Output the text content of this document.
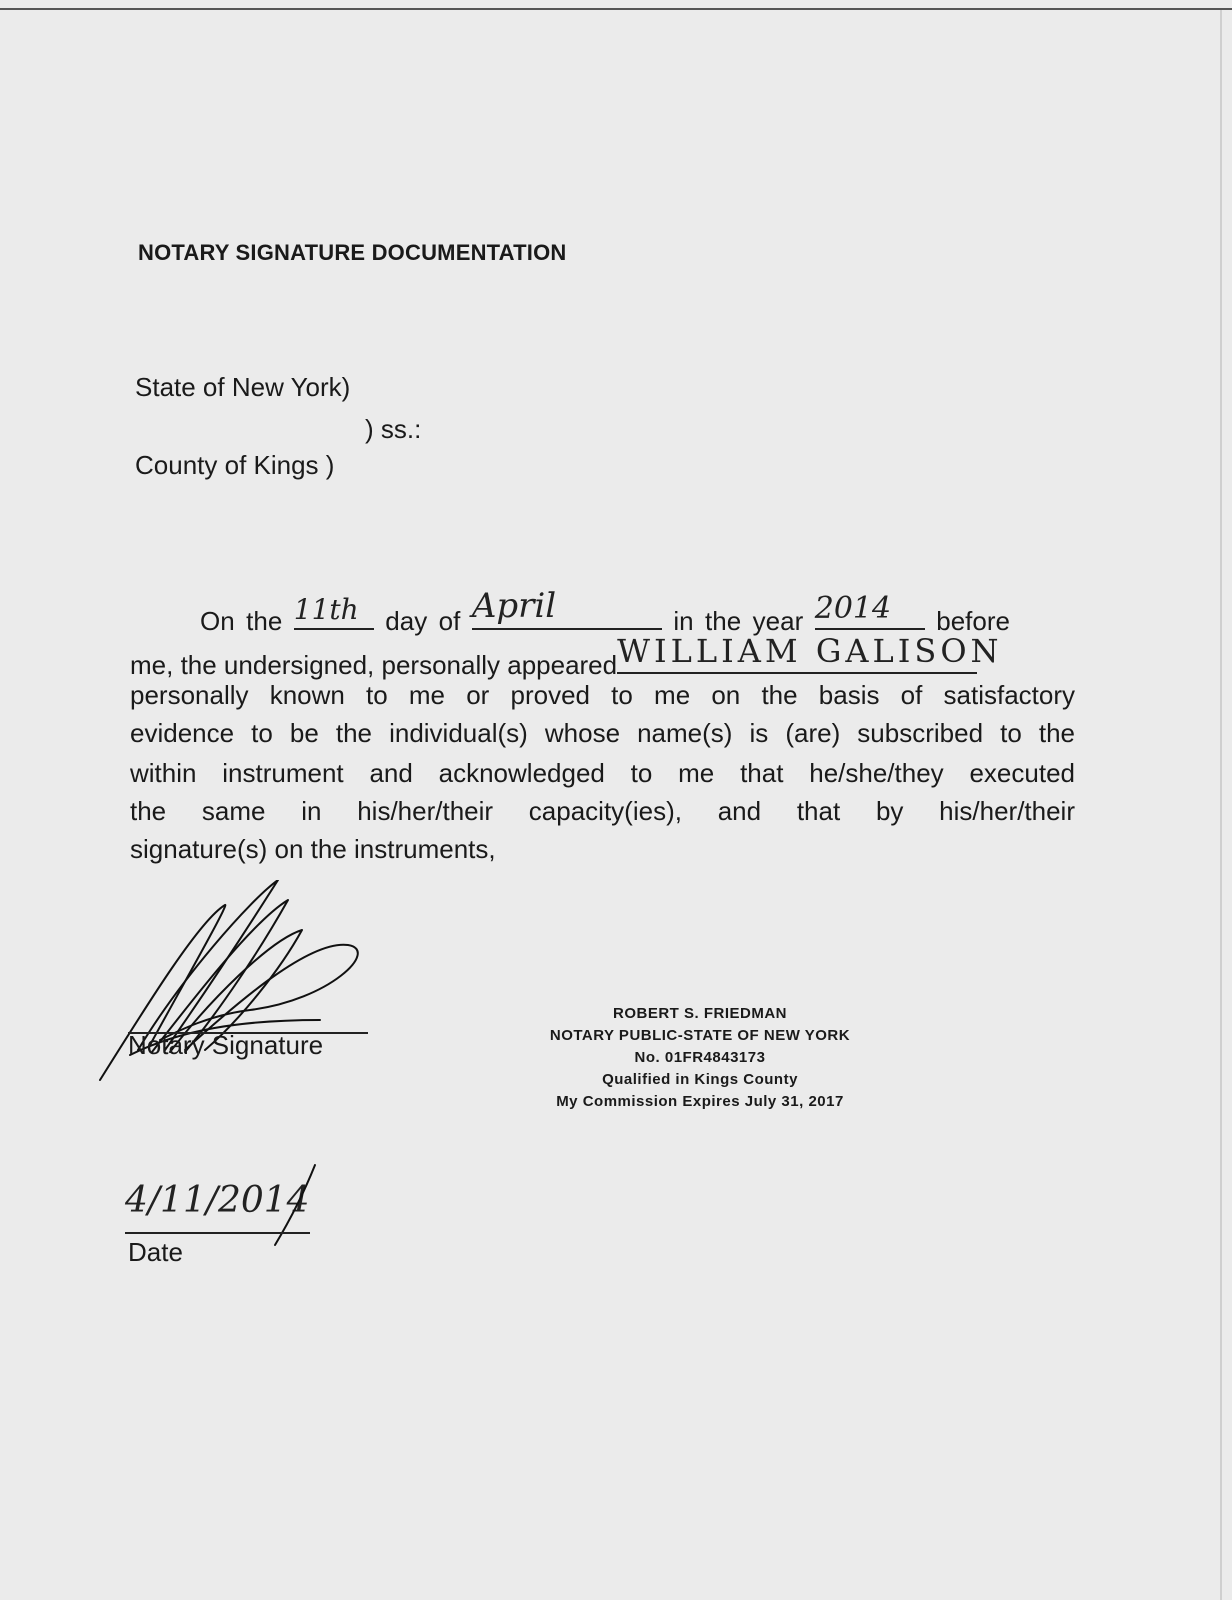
NOTARY SIGNATURE DOCUMENTATION
State of New York)
) ss.:
County of Kings )
On the 11th	day of April	in the year 2014	before
me, the undersigned, personally appeared WILLIAM GALISON
personally known to me or proved to me on the basis of satisfactory
evidence to be the individual(s) whose name(s) is (are) subscribed to the
within instrument and acknowledged to me that he/she/they executed
the same in his/her/their capacity(ies), and that by his/her/their
signature(s) on the instruments,
Notary Signature
ROBERT S. FRIEDMAN
NOTARY PUBLIC-STATE OF NEW YORK
No. 01FR4843173
Qualified in Kings County
My Commission Expires July 31, 2017
4/11/2014
Date
